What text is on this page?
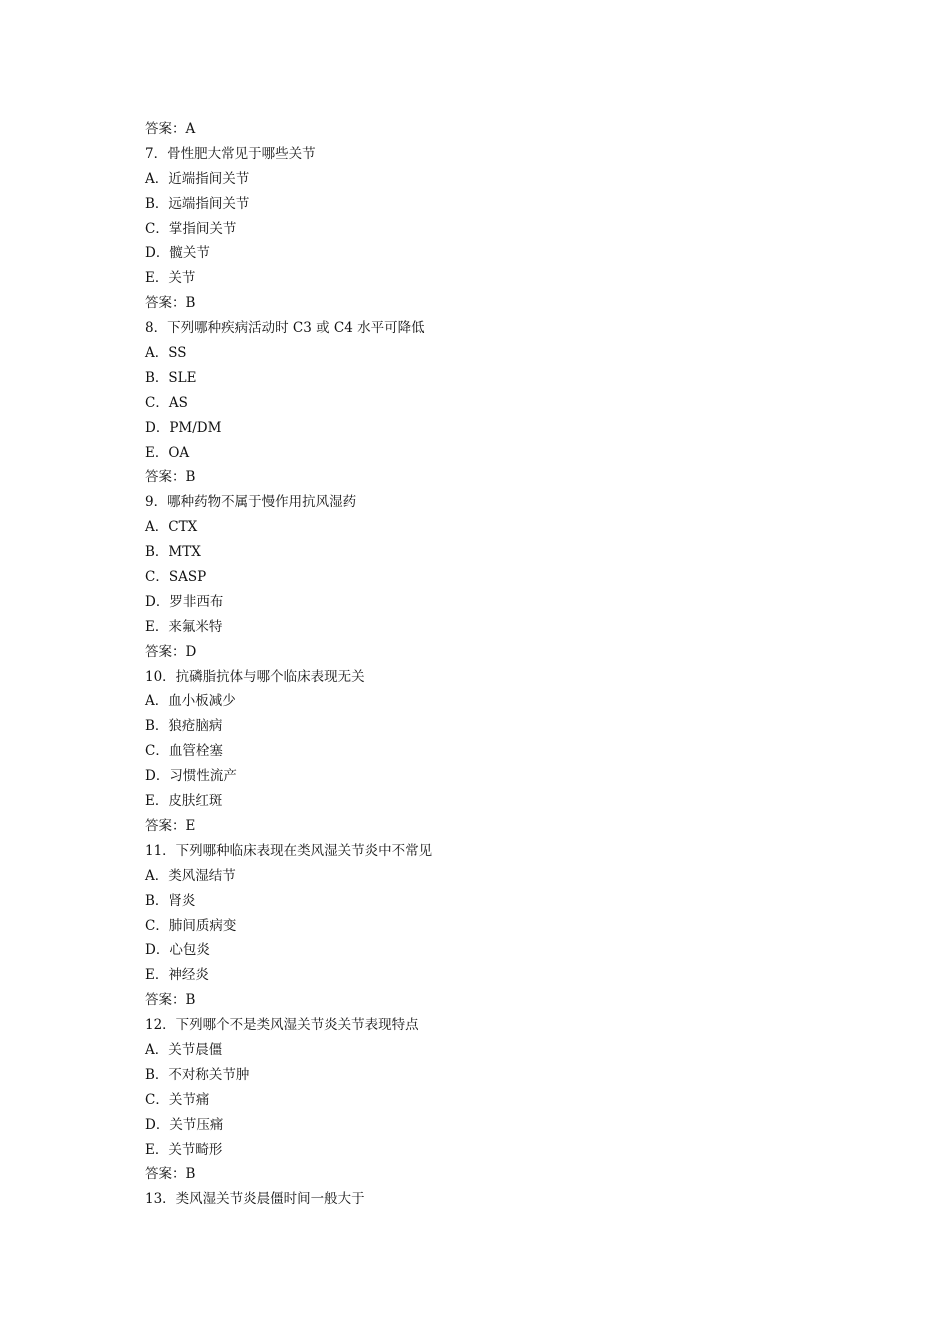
答案：A
7．骨性肥大常见于哪些关节
A．近端指间关节
B．远端指间关节
C．掌指间关节
D．髋关节
E．关节
答案：B
8．下列哪种疾病活动时 C3 或 C4 水平可降低
A．SS
B．SLE
C．AS
D．PM/DM
E．OA
答案：B
9．哪种药物不属于慢作用抗风湿药
A．CTX
B．MTX
C．SASP
D．罗非西布
E．来氟米特
答案：D
10．抗磷脂抗体与哪个临床表现无关
A．血小板减少
B．狼疮脑病
C．血管栓塞
D．习惯性流产
E．皮肤红斑
答案：E
11．下列哪种临床表现在类风湿关节炎中不常见
A．类风湿结节
B．肾炎
C．肺间质病变
D．心包炎
E．神经炎
答案：B
12．下列哪个不是类风湿关节炎关节表现特点
A．关节晨僵
B．不对称关节肿
C．关节痛
D．关节压痛
E．关节畸形
答案：B
13．类风湿关节炎晨僵时间一般大于
